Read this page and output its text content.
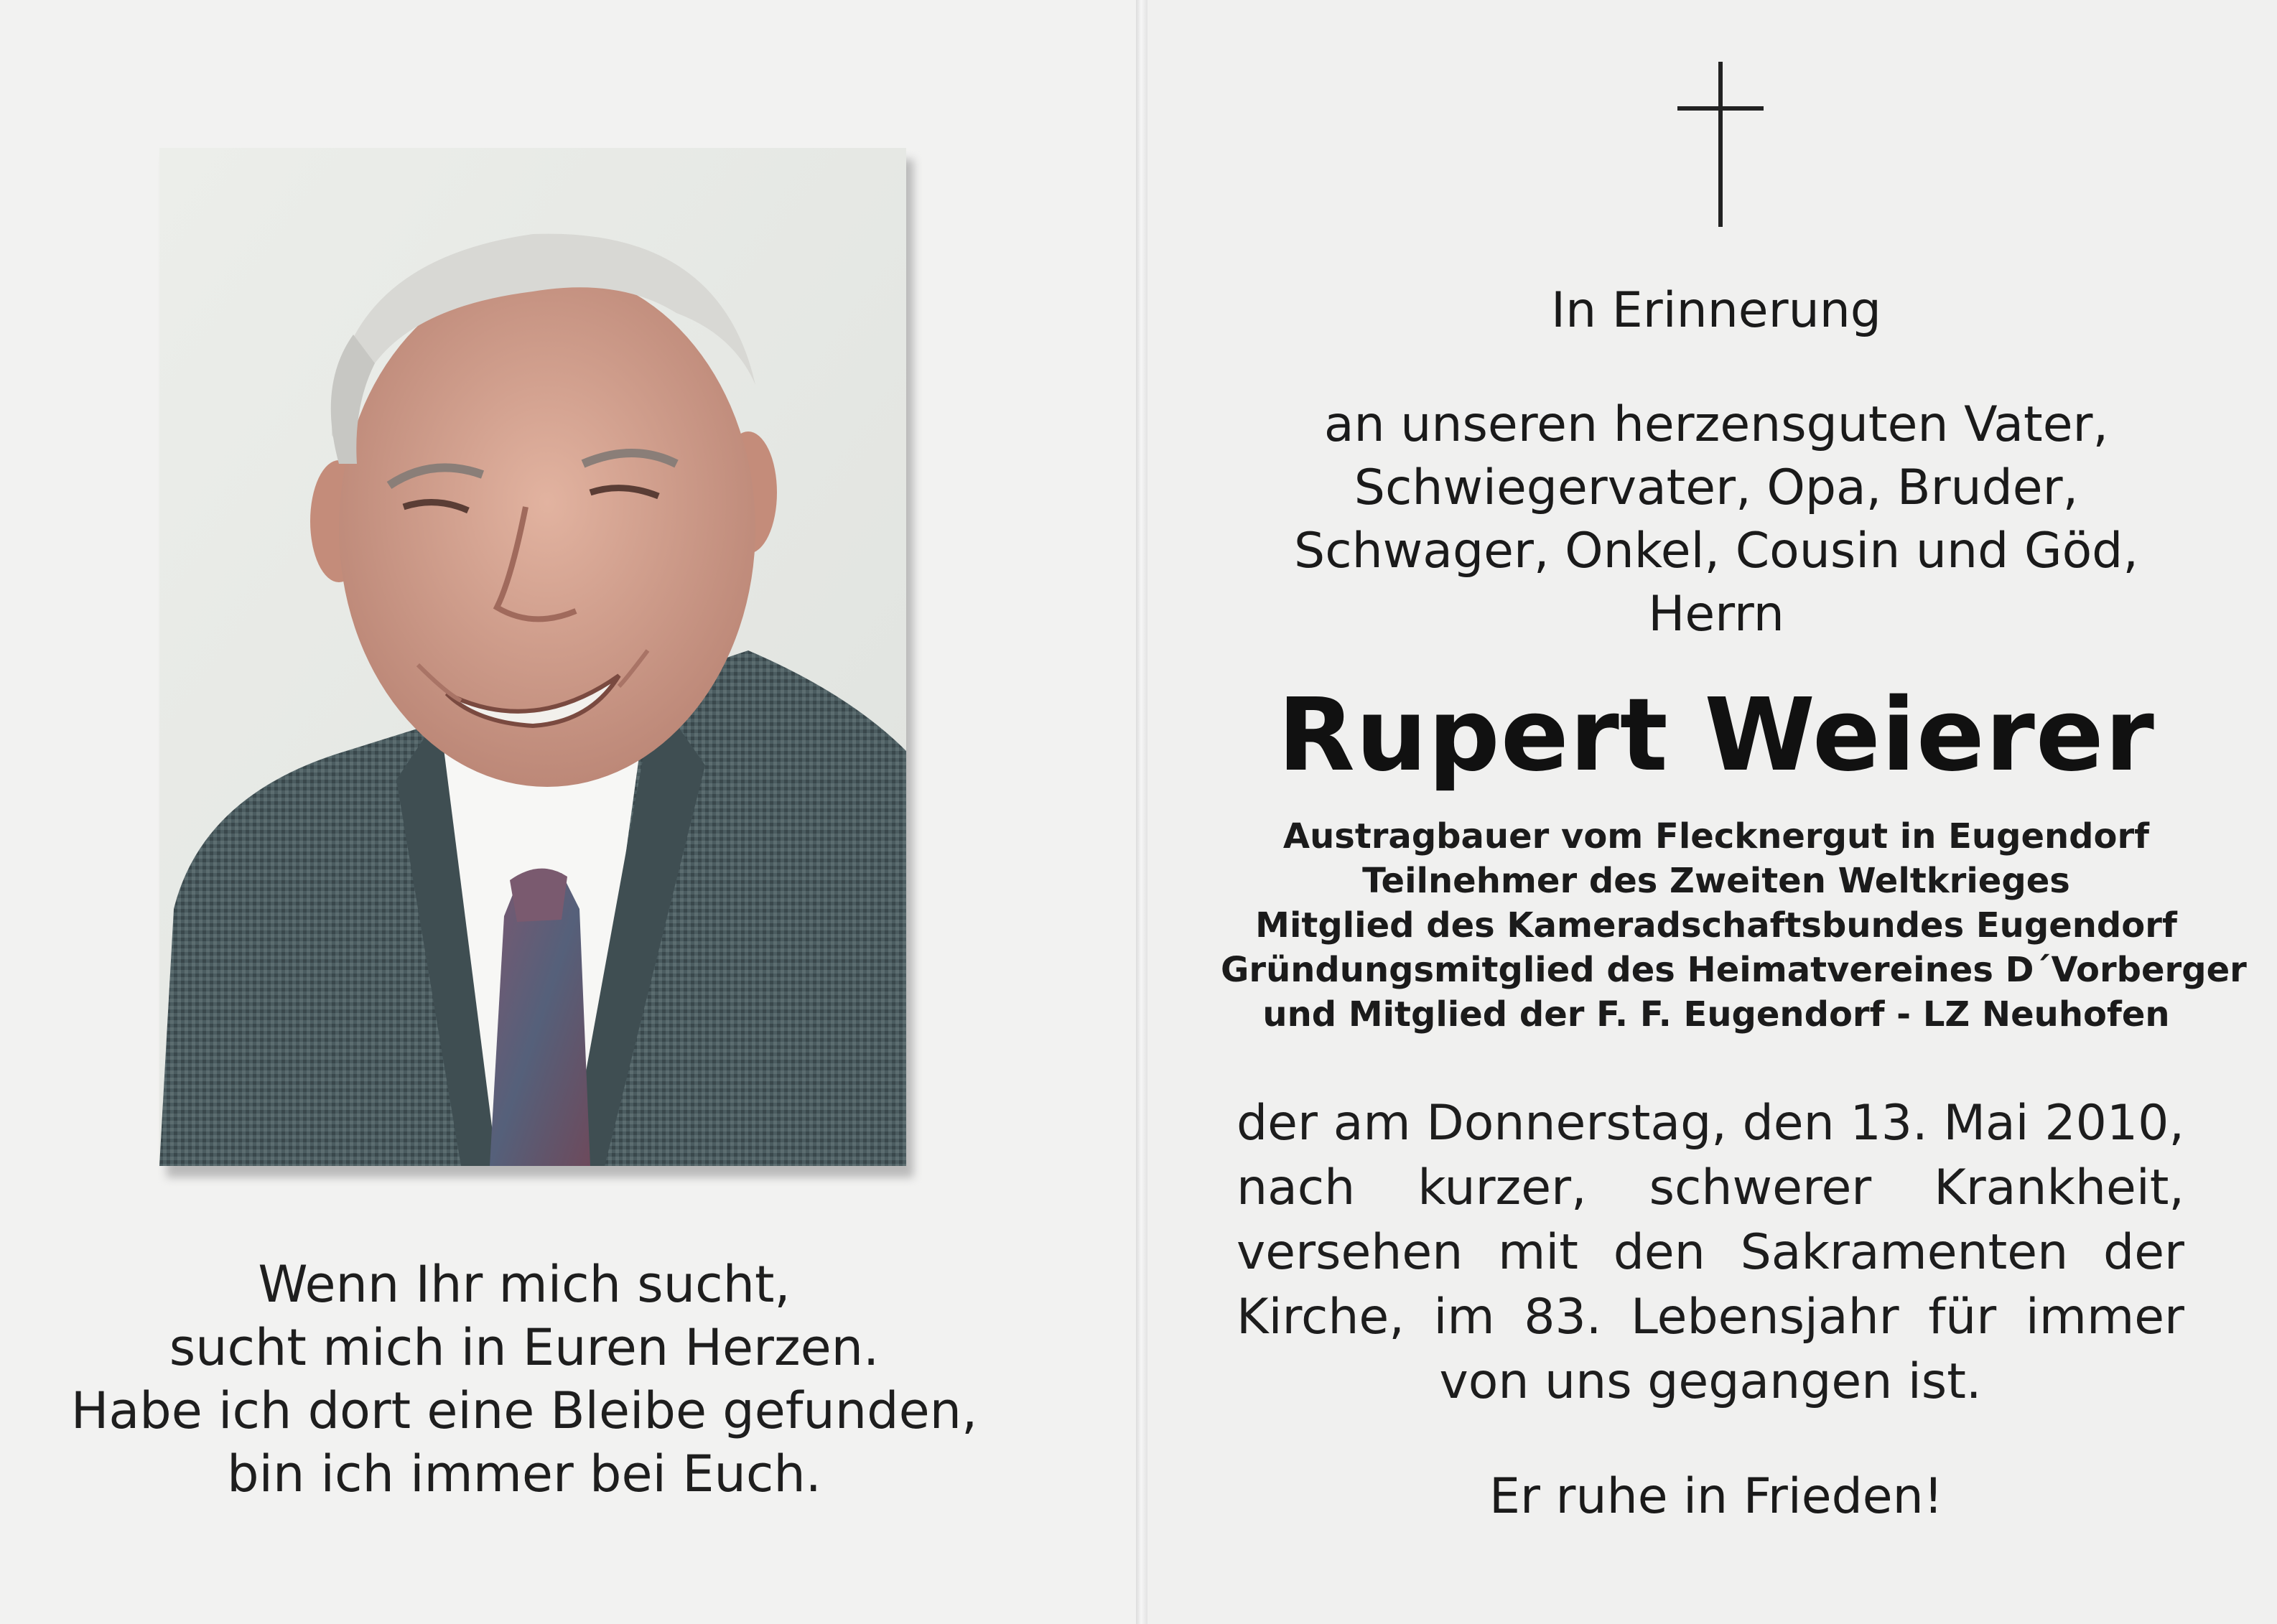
Wenn Ihr mich sucht,
sucht mich in Euren Herzen.
Habe ich dort eine Bleibe gefunden,
bin ich immer bei Euch.
In Erinnerung
an unseren herzensguten Vater,
Schwiegervater, Opa, Bruder,
Schwager, Onkel, Cousin und Göd,
Herrn
Rupert Weierer
Austragbauer vom Flecknergut in Eugendorf
Teilnehmer des Zweiten Weltkrieges
Mitglied des Kameradschaftsbundes Eugendorf
Gründungsmitglied des Heimatvereines D´Vorberger
und Mitglied der F. F. Eugendorf - LZ Neuhofen
der am Donnerstag, den 13. Mai 2010,
nach kurzer, schwerer Krankheit,
versehen mit den Sakramenten der
Kirche, im 83. Lebensjahr für immer
von uns gegangen ist.
Er ruhe in Frieden!
